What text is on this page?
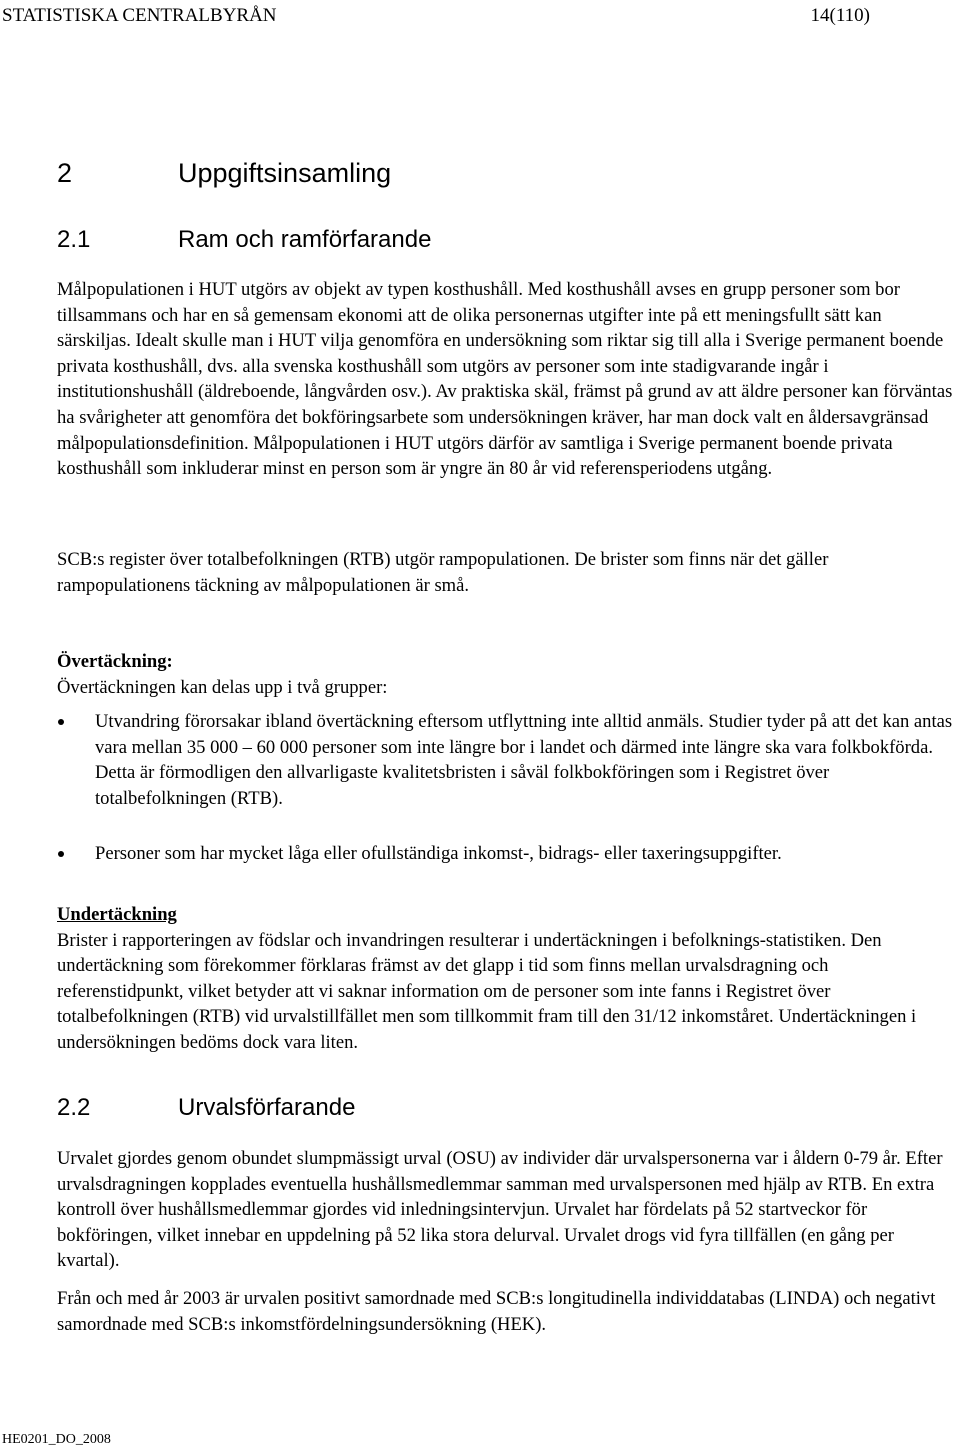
STATISTISKA CENTRALBYRÅN	14(110)
2	Uppgiftsinsamling
2.1	Ram och ramförfarande

Målpopulationen i HUT utgörs av objekt av typen kosthushåll. Med kosthushåll avses en grupp personer som bor tillsammans och har en så gemensam ekonomi att de olika personernas utgifter inte på ett meningsfullt sätt kan särskiljas. Idealt skulle man i HUT vilja genomföra en undersökning som riktar sig till alla i Sverige permanent boende privata kosthushåll, dvs. alla svenska kosthushåll som utgörs av personer som inte stadigvarande ingår i institutionshushåll (äldreboende, långvården osv.). Av praktiska skäl, främst på grund av att äldre personer kan förväntas ha svårigheter att genomföra det bokföringsarbete som undersökningen kräver, har man dock valt en åldersavgränsad målpopulationsdefinition. Målpopulationen i HUT utgörs därför av samtliga i Sverige permanent boende privata kosthushåll som inkluderar minst en person som är yngre än 80 år vid referensperiodens utgång.

SCB:s register över totalbefolkningen (RTB) utgör rampopulationen. De brister som finns när det gäller rampopulationens täckning av målpopulationen är små.

Övertäckning:

Övertäckningen kan delas upp i två grupper:

Utvandring förorsakar ibland övertäckning eftersom utflyttning inte alltid anmäls. Studier tyder på att det kan antas vara mellan 35 000 – 60 000 personer som inte längre bor i landet och därmed inte längre ska vara folkbokförda. Detta är förmodligen den allvarligaste kvalitetsbristen i såväl folkbokföringen som i Registret över totalbefolkningen (RTB).
Personer som har mycket låga eller ofullständiga inkomst-, bidrags- eller taxeringsuppgifter.

Undertäckning

Brister i rapporteringen av födslar och invandringen resulterar i undertäckningen i befolknings-statistiken. Den undertäckning som förekommer förklaras främst av det glapp i tid som finns mellan urvalsdragning och referenstidpunkt, vilket betyder att vi saknar information om de personer som inte fanns i Registret över totalbefolkningen (RTB) vid urvalstillfället men som tillkommit fram till den 31/12 inkomståret. Undertäckningen i undersökningen bedöms dock vara liten.

2.2	Urvalsförfarande

Urvalet gjordes genom obundet slumpmässigt urval (OSU) av individer där urvalspersonerna var i åldern 0-79 år. Efter urvalsdragningen kopplades eventuella hushållsmedlemmar samman med urvalspersonen med hjälp av RTB. En extra kontroll över hushållsmedlemmar gjordes vid inledningsintervjun. Urvalet har fördelats på 52 startveckor för bokföringen, vilket innebar en uppdelning på 52 lika stora delurval. Urvalet drogs vid fyra tillfällen (en gång per kvartal).

Från och med år 2003 är urvalen positivt samordnade med SCB:s longitudinella individdatabas (LINDA) och negativt samordnade med SCB:s inkomstfördelningsundersökning (HEK).

HE0201_DO_2008
